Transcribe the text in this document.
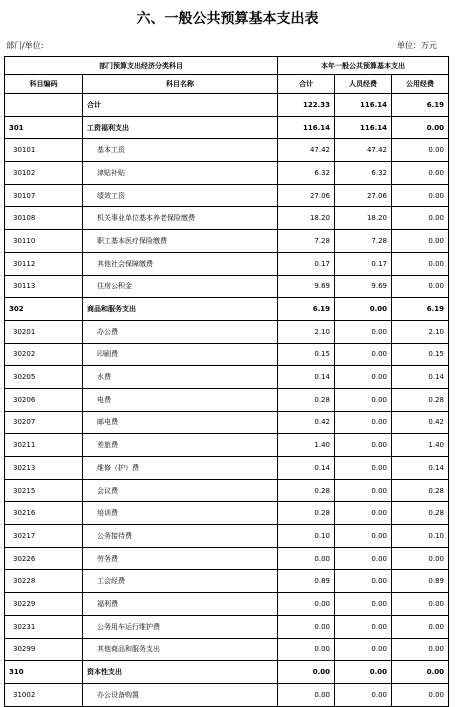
六、一般公共预算基本支出表
部门/单位:	单位：万元
部门预算支出经济分类科目		本年一般公共预算基本支出		
科目编码	科目名称	合计	人员经费	公用经费
	合计	122.33	116.14	6.19
301	工资福利支出	116.14	116.14	0.00
30101	基本工资	47.42	47.42	0.00
30102	津贴补贴	6.32	6.32	0.00
30107	绩效工资	27.06	27.06	0.00
30108	机关事业单位基本养老保险缴费	18.20	18.20	0.00
30110	职工基本医疗保险缴费	7.28	7.28	0.00
30112	其他社会保障缴费	0.17	0.17	0.00
30113	住房公积金	9.69	9.69	0.00
302	商品和服务支出	6.19	0.00	6.19
30201	办公费	2.10	0.00	2.10
30202	印刷费	0.15	0.00	0.15
30205	水费	0.14	0.00	0.14
30206	电费	0.28	0.00	0.28
30207	邮电费	0.42	0.00	0.42
30211	差旅费	1.40	0.00	1.40
30213	维修（护）费	0.14	0.00	0.14
30215	会议费	0.28	0.00	0.28
30216	培训费	0.28	0.00	0.28
30217	公务接待费	0.10	0.00	0.10
30226	劳务费	0.00	0.00	0.00
30228	工会经费	0.89	0.00	0.89
30229	福利费	0.00	0.00	0.00
30231	公务用车运行维护费	0.00	0.00	0.00
30299	其他商品和服务支出	0.00	0.00	0.00
310	资本性支出	0.00	0.00	0.00
31002	办公设备购置	0.00	0.00	0.00
